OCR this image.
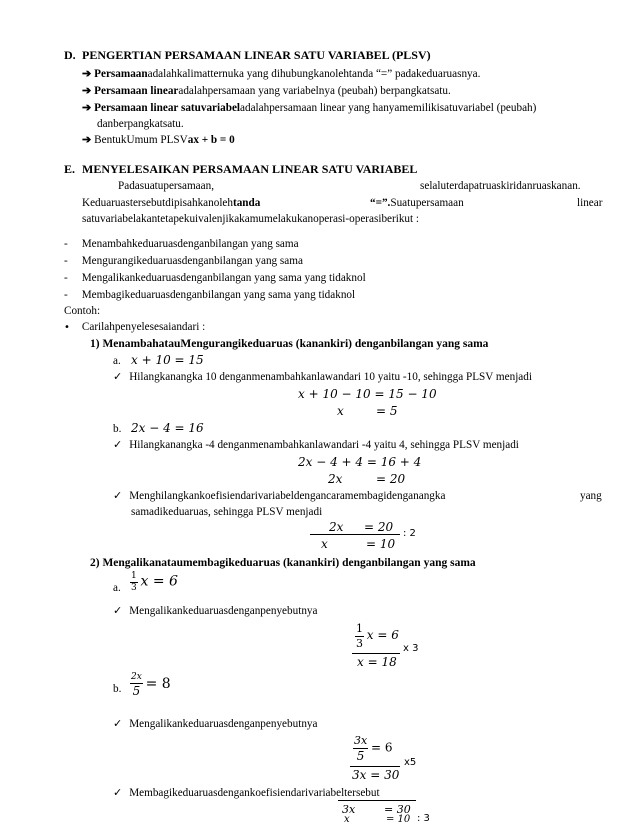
D. PENGERTIAN PERSAMAAN LINEAR SATU VARIABEL (PLSV)
➔ Persamaanadalahkalimatternuka yang dihubungkanolehtanda “=” padakeduaruasnya.
➔ Persamaan linearadalahpersamaan yang variabelnya (peubah) berpangkatsatu.
➔ Persamaan linear satuvariabeladalahpersamaan linear yang hanyamemilikisatuvariabel (peubah)
danberpangkatsatu.
➔ BentukUmum PLSVax + b = 0
E. MENYELESAIKAN PERSAMAAN LINEAR SATU VARIABEL
Padasuatupersamaan,	selaluterdapatruaskiridanruaskanan.
Keduaruastersebutdipisahkanolehtanda	“=”.Suatupersamaan	linear
satuvariabelakantetapekuivalenjikakamumelakukanoperasi-operasiberikut :
- Menambahkeduaruasdenganbilangan yang sama
- Mengurangikeduaruasdenganbilangan yang sama
- Mengalikankeduaruasdenganbilangan yang sama yang tidaknol
- Membagikeduaruasdenganbilangan yang sama yang tidaknol
Contoh:
• Carilahpenyelesesaiandari :
1) MenambahatauMengurangikeduaruas (kanankiri) denganbilangan yang sama
a. x + 10 = 15
✓ Hilangkanangka 10 denganmenambahkanlawandari 10 yaitu -10, sehingga PLSV menjadi
x + 10 − 10 = 15 − 10
x	= 5
b. 2x − 4 = 16
✓ Hilangkanangka -4 denganmenambahkanlawandari -4 yaitu 4, sehingga PLSV menjadi
2x − 4 + 4 = 16 + 4
2x	= 20
✓ Menghilangkankoefisiendarivariabeldengancaramembagidenganangka	yang
samadikeduaruas, sehingga PLSV menjadi
2x = 20 : 2
x	= 10
2) Mengalikanataumembagikeduaruas (kanankiri) denganbilangan yang sama
a. $\frac{1}{3}$ x = 6
✓ Mengalikankeduaruasdenganpenyebutnya
$\frac{1}{3}$ x = 6
x 3
x = 18
b. $\frac{2x}{5} = 8$
✓ Mengalikankeduaruasdenganpenyebutnya
$\frac{3x}{5} = 6$
x5
3x = 30
✓ Membagikeduaruasdengankoefisiendarivariabeltersebut
3x	= 30
x	= 10 : 3
